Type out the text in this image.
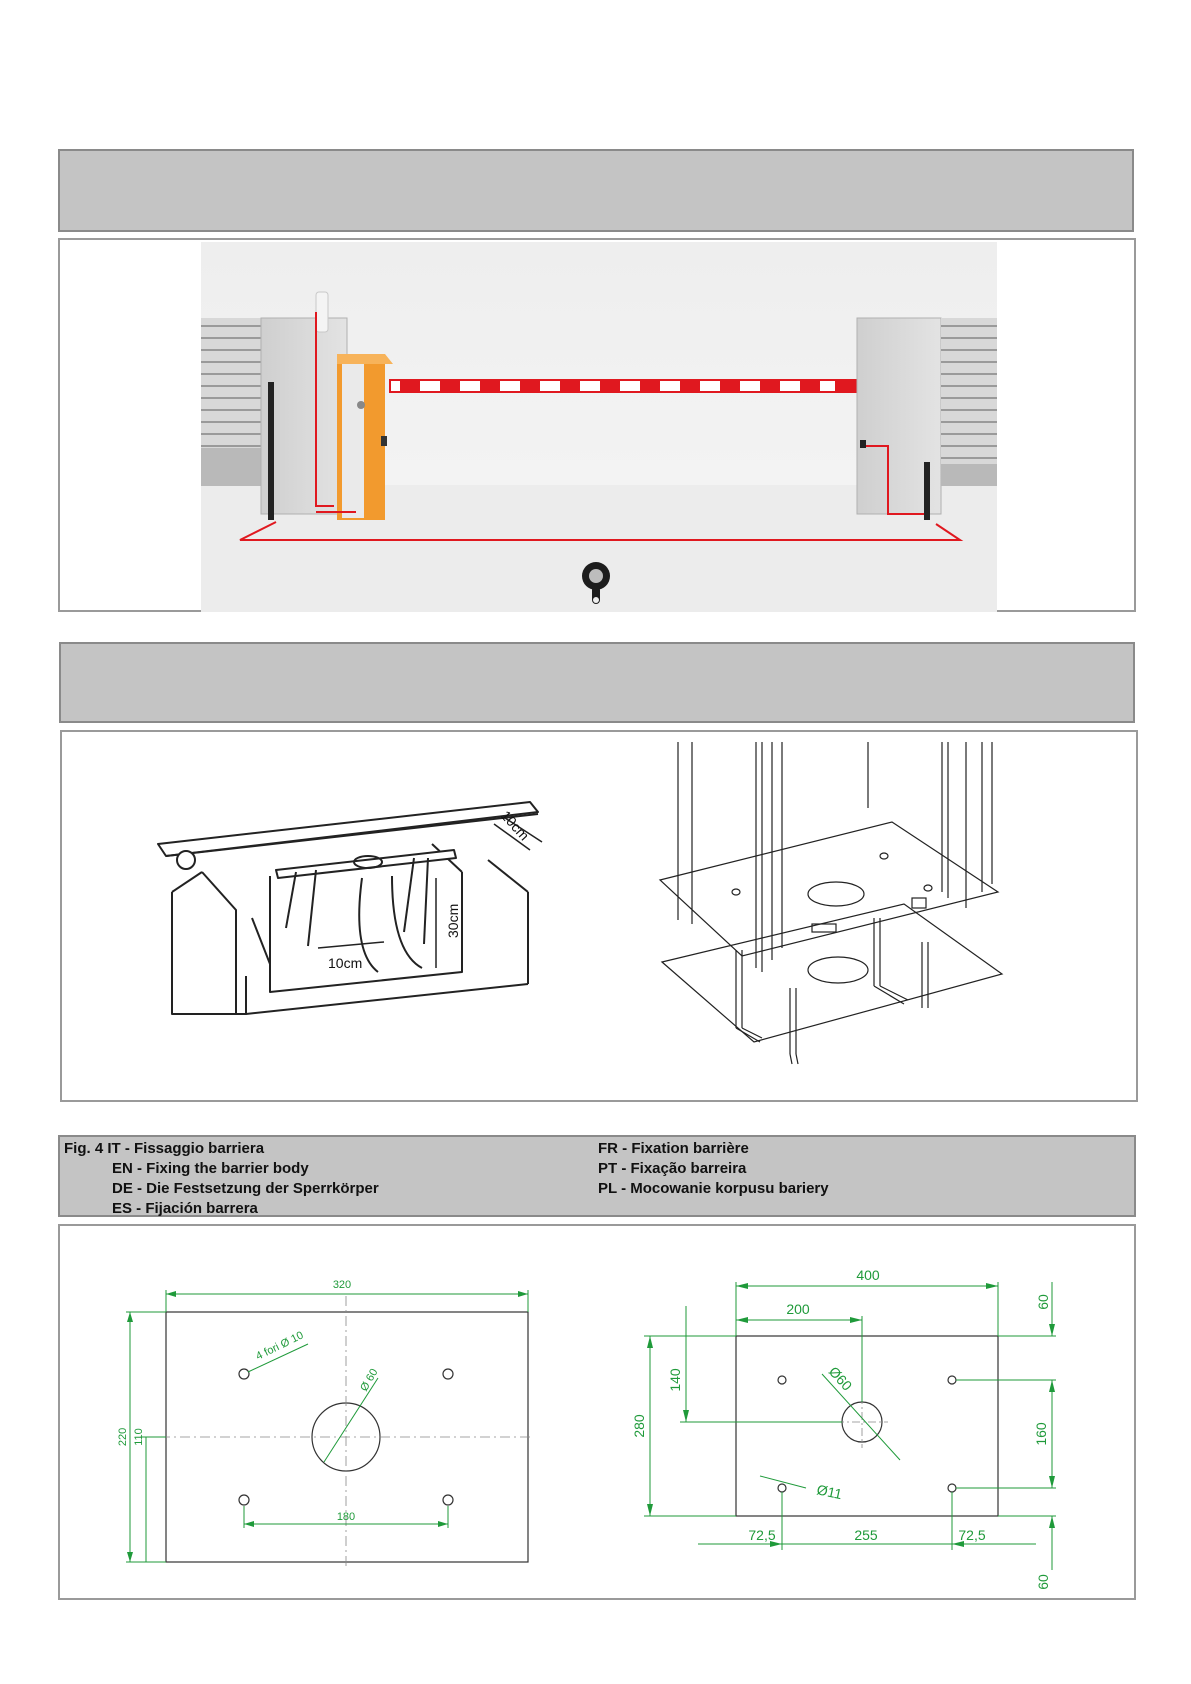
30cm
10cm
10cm
Fig. 4 IT - Fissaggio barriera
EN - Fixing the barrier body
DE - Die Festsetzung der Sperrkörper
ES - Fijación barrera
FR - Fixation barrière
PT - Fixação barreira
PL - Mocowanie korpusu bariery
320
220 110
180
4 fori Ø 10
Ø 60
400
200
280
140
160
60
60
72,5	255	72,5
Ø60
Ø11
